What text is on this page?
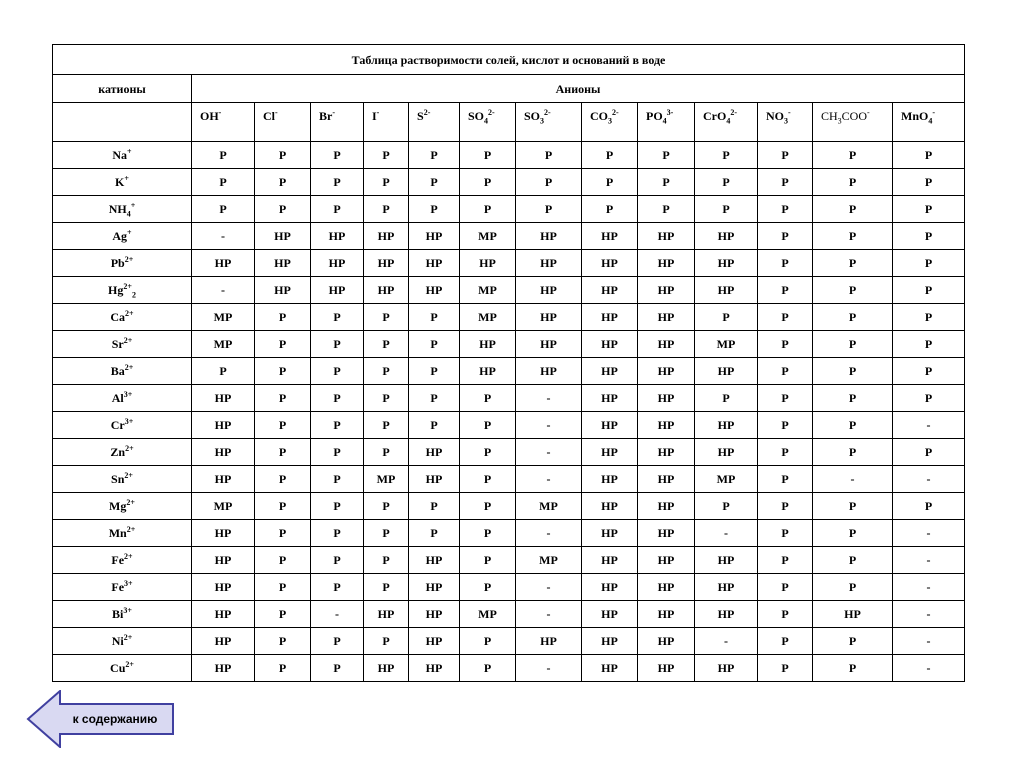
Таблица растворимости солей, кислот и оснований в воде													
катионы	Анионы												
	OH-	Cl-	Br-	I-	$S^{2-}$	$SO_4^{2-}$	$SO_3^{2-}$	$CO_3^{2-}$	$PO_4^{3-}$	CrO$_4^{2-}$	$NO_3^-$	$CH_3COO^-$	MnO$_4$-
Na+	Р	Р	Р	Р	Р	Р	Р	Р	Р	Р	Р	Р	Р
K+	Р	Р	Р	Р	Р	Р	Р	Р	Р	Р	Р	Р	Р
$NH_4^+$	Р	Р	Р	Р	Р	Р	Р	Р	Р	Р	Р	Р	Р
Ag+	-	НР	НР	НР	НР	МР	НР	НР	НР	НР	Р	Р	Р
$Pb^{2+}$	НР	НР	НР	НР	НР	НР	НР	НР	НР	НР	Р	Р	Р
$Hg^{2+}_2$	-	НР	НР	НР	НР	МР	НР	НР	НР	НР	Р	Р	Р
$Ca^{2+}$	МР	Р	Р	Р	Р	МР	НР	НР	НР	Р	Р	Р	Р
$Sr^{2+}$	МР	Р	Р	Р	Р	НР	НР	НР	НР	МР	Р	Р	Р
$Ba^{2+}$	Р	Р	Р	Р	Р	НР	НР	НР	НР	НР	Р	Р	Р
$Al^{3+}$	НР	Р	Р	Р	Р	Р	-	НР	НР	Р	Р	Р	Р
$Cr^{3+}$	НР	Р	Р	Р	Р	Р	-	НР	НР	НР	Р	Р	-
$Zn^{2+}$	НР	Р	Р	Р	НР	Р	-	НР	НР	НР	Р	Р	Р
$Sn^{2+}$	НР	Р	Р	МР	НР	Р	-	НР	НР	МР	Р	-	-
$Mg^{2+}$	МР	Р	Р	Р	Р	Р	МР	НР	НР	Р	Р	Р	Р
$Mn^{2+}$	НР	Р	Р	Р	Р	Р	-	НР	НР	-	Р	Р	-
$Fe^{2+}$	НР	Р	Р	Р	НР	Р	МР	НР	НР	НР	Р	Р	-
$Fe^{3+}$	НР	Р	Р	Р	НР	Р	-	НР	НР	НР	Р	Р	-
$Bi^{3+}$	НР	Р	-	НР	НР	МР	-	НР	НР	НР	Р	НР	-
$Ni^{2+}$	НР	Р	Р	Р	НР	Р	НР	НР	НР	-	Р	Р	-
$Cu^{2+}$	НР	Р	Р	НР	НР	Р	-	НР	НР	НР	Р	Р	-
к содержанию
